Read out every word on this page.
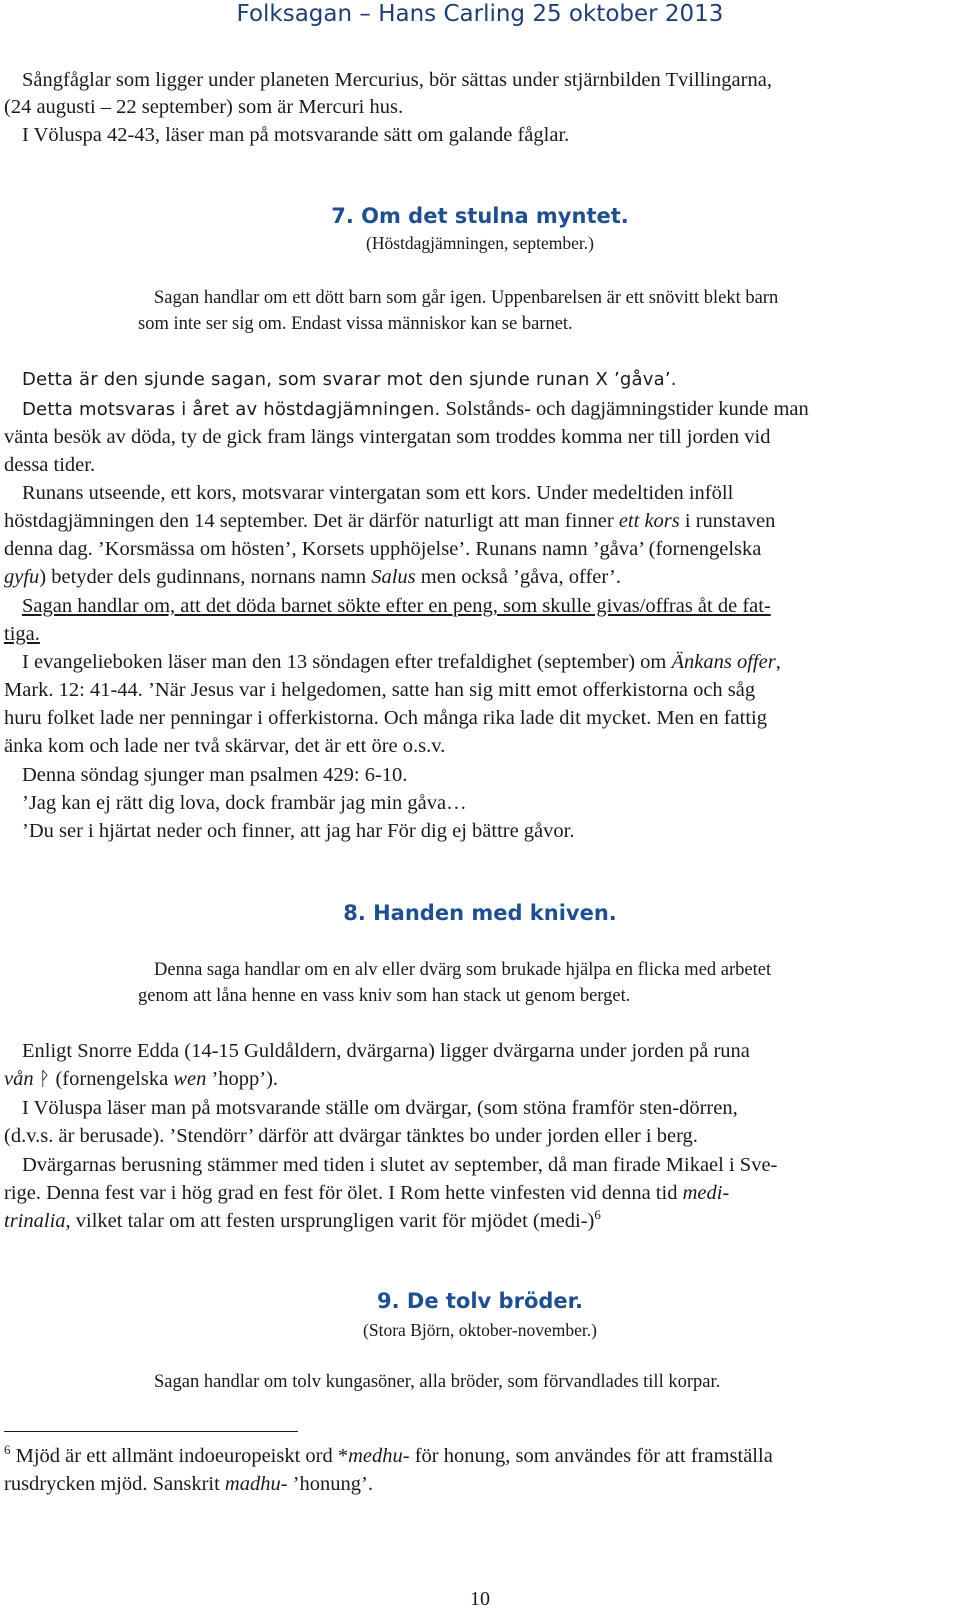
Folksagan – Hans Carling 25 oktober 2013
Sångfåglar som ligger under planeten Mercurius, bör sättas under stjärnbilden Tvillingarna,
(24 augusti – 22 september) som är Mercuri hus.
I Völuspa 42-43, läser man på motsvarande sätt om galande fåglar.
7. Om det stulna myntet.
(Höstdagjämningen, september.)
Sagan handlar om ett dött barn som går igen. Uppenbarelsen är ett snövitt blekt barn
som inte ser sig om. Endast vissa människor kan se barnet.
Detta är den sjunde sagan, som svarar mot den sjunde runan X ’gåva’.
Detta motsvaras i året av höstdagjämningen. Solstånds- och dagjämningstider kunde man
vänta besök av döda, ty de gick fram längs vintergatan som troddes komma ner till jorden vid
dessa tider.
Runans utseende, ett kors, motsvarar vintergatan som ett kors. Under medeltiden inföll
höstdagjämningen den 14 september. Det är därför naturligt att man finner ett kors i runstaven
denna dag. ’Korsmässa om hösten’, Korsets upphöjelse’. Runans namn ’gåva’ (fornengelska
gyfu) betyder dels gudinnans, nornans namn Salus men också ’gåva, offer’.
Sagan handlar om, att det döda barnet sökte efter en peng, som skulle givas/offras åt de fat-
tiga.
I evangelieboken läser man den 13 söndagen efter trefaldighet (september) om Änkans offer,
Mark. 12: 41-44. ’När Jesus var i helgedomen, satte han sig mitt emot offerkistorna och såg
huru folket lade ner penningar i offerkistorna. Och många rika lade dit mycket. Men en fattig
änka kom och lade ner två skärvar, det är ett öre o.s.v.
Denna söndag sjunger man psalmen 429: 6-10.
’Jag kan ej rätt dig lova, dock frambär jag min gåva…
’Du ser i hjärtat neder och finner, att jag har För dig ej bättre gåvor.
8. Handen med kniven.
Denna saga handlar om en alv eller dvärg som brukade hjälpa en flicka med arbetet
genom att låna henne en vass kniv som han stack ut genom berget.
Enligt Snorre Edda (14-15 Guldåldern, dvärgarna) ligger dvärgarna under jorden på runa
vån ᚹ (fornengelska wen ’hopp’).
I Völuspa läser man på motsvarande ställe om dvärgar, (som stöna framför sten-dörren,
(d.v.s. är berusade). ’Stendörr’ därför att dvärgar tänktes bo under jorden eller i berg.
Dvärgarnas berusning stämmer med tiden i slutet av september, då man firade Mikael i Sve-
rige. Denna fest var i hög grad en fest för ölet. I Rom hette vinfesten vid denna tid medi-
trinalia, vilket talar om att festen ursprungligen varit för mjödet (medi-)$^6$
9. De tolv bröder.
(Stora Björn, oktober-november.)
Sagan handlar om tolv kungasöner, alla bröder, som förvandlades till korpar.
$^6$ Mjöd är ett allmänt indoeuropeiskt ord *medhu- för honung, som användes för att framställa
rusdrycken mjöd. Sanskrit madhu- ’honung’.
10
